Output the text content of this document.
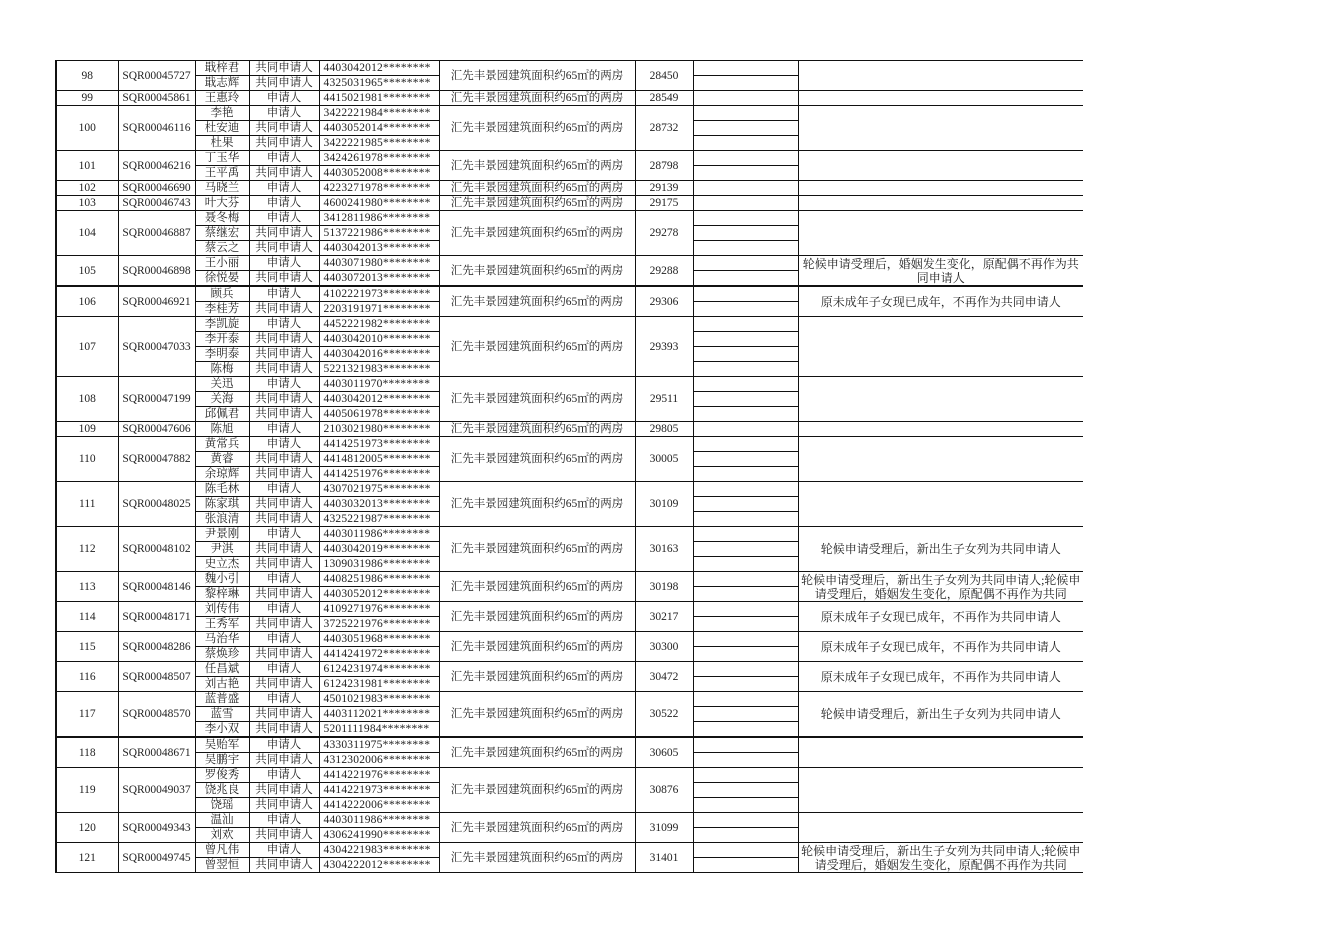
98	SQR00045727	戢梓君	共同申请人	4403042012********	汇先丰景园建筑面积约65㎡的两房	28450		

		戢志辉	共同申请人	4325031965********				
99	SQR00045861	王惠玲	申请人	4415021981********	汇先丰景园建筑面积约65㎡的两房	28549		

100	SQR00046116	李艳	申请人	3422221984********	汇先丰景园建筑面积约65㎡的两房	28732		

		杜安迪	共同申请人	4403052014********				
		杜果	共同申请人	3422221985********				
101	SQR00046216	丁玉华	申请人	3424261978********	汇先丰景园建筑面积约65㎡的两房	28798		

		王平禹	共同申请人	4403052008********				
102	SQR00046690	马晓兰	申请人	4223271978********	汇先丰景园建筑面积约65㎡的两房	29139		

103	SQR00046743	叶大芬	申请人	4600241980********	汇先丰景园建筑面积约65㎡的两房	29175		

104	SQR00046887	聂冬梅	申请人	3412811986********	汇先丰景园建筑面积约65㎡的两房	29278		

		蔡继宏	共同申请人	5137221986********				
		蔡云之	共同申请人	4403042013********				
105	SQR00046898	王小丽	申请人	4403071980********	汇先丰景园建筑面积约65㎡的两房	29288		轮候申请受理后，婚姻发生变化，原配偶不再作为共同申请人

		徐悦晏	共同申请人	4403072013********				
106	SQR00046921	顾兵	申请人	4102221973********	汇先丰景园建筑面积约65㎡的两房	29306		原未成年子女现已成年，不再作为共同申请人

		李桂芳	共同申请人	2203191971********				
107	SQR00047033	李凯旋	申请人	4452221982********	汇先丰景园建筑面积约65㎡的两房	29393		

		李开泰	共同申请人	4403042010********				
		李明泰	共同申请人	4403042016********				
		陈梅	共同申请人	5221321983********				
108	SQR00047199	关迅	申请人	4403011970********	汇先丰景园建筑面积约65㎡的两房	29511		

		关海	共同申请人	4403042012********				
		邱佩君	共同申请人	4405061978********				
109	SQR00047606	陈旭	申请人	2103021980********	汇先丰景园建筑面积约65㎡的两房	29805		

110	SQR00047882	黄常兵	申请人	4414251973********	汇先丰景园建筑面积约65㎡的两房	30005		

		黄睿	共同申请人	4414812005********				
		余琼辉	共同申请人	4414251976********				
111	SQR00048025	陈毛林	申请人	4307021975********	汇先丰景园建筑面积约65㎡的两房	30109		

		陈家琪	共同申请人	4403032013********				
		张浪清	共同申请人	4325221987********				
112	SQR00048102	尹景刚	申请人	4403011986********	汇先丰景园建筑面积约65㎡的两房	30163		轮候申请受理后，新出生子女列为共同申请人

		尹淇	共同申请人	4403042019********				
		史立杰	共同申请人	1309031986********				
113	SQR00048146	魏小引	申请人	4408251986********	汇先丰景园建筑面积约65㎡的两房	30198		轮候申请受理后，新出生子女列为共同申请人;轮候申请受理后，婚姻发生变化，原配偶不再作为共同

		黎梓琳	共同申请人	4403052012********				
114	SQR00048171	刘传伟	申请人	4109271976********	汇先丰景园建筑面积约65㎡的两房	30217		原未成年子女现已成年，不再作为共同申请人

		王秀军	共同申请人	3725221976********				
115	SQR00048286	马治华	申请人	4403051968********	汇先丰景园建筑面积约65㎡的两房	30300		原未成年子女现已成年，不再作为共同申请人

		蔡焕珍	共同申请人	4414241972********				
116	SQR00048507	任昌斌	申请人	6124231974********	汇先丰景园建筑面积约65㎡的两房	30472		原未成年子女现已成年，不再作为共同申请人

		刘古艳	共同申请人	6124231981********				
117	SQR00048570	蓝普盛	申请人	4501021983********	汇先丰景园建筑面积约65㎡的两房	30522		轮候申请受理后，新出生子女列为共同申请人

		蓝雪	共同申请人	4403112021********				
		李小双	共同申请人	5201111984********				
118	SQR00048671	吴贻军	申请人	4330311975********	汇先丰景园建筑面积约65㎡的两房	30605		

		吴鹏宇	共同申请人	4312302006********				
119	SQR00049037	罗俊秀	申请人	4414221976********	汇先丰景园建筑面积约65㎡的两房	30876		

		饶兆良	共同申请人	4414221973********				
		饶瑶	共同申请人	4414222006********				
120	SQR00049343	温汕	申请人	4403011986********	汇先丰景园建筑面积约65㎡的两房	31099		

		刘欢	共同申请人	4306241990********				
121	SQR00049745	曾凡伟	申请人	4304221983********	汇先丰景园建筑面积约65㎡的两房	31401		轮候申请受理后，新出生子女列为共同申请人;轮候申请受理后，婚姻发生变化，原配偶不再作为共同

		曾翌恒	共同申请人	4304222012********				
